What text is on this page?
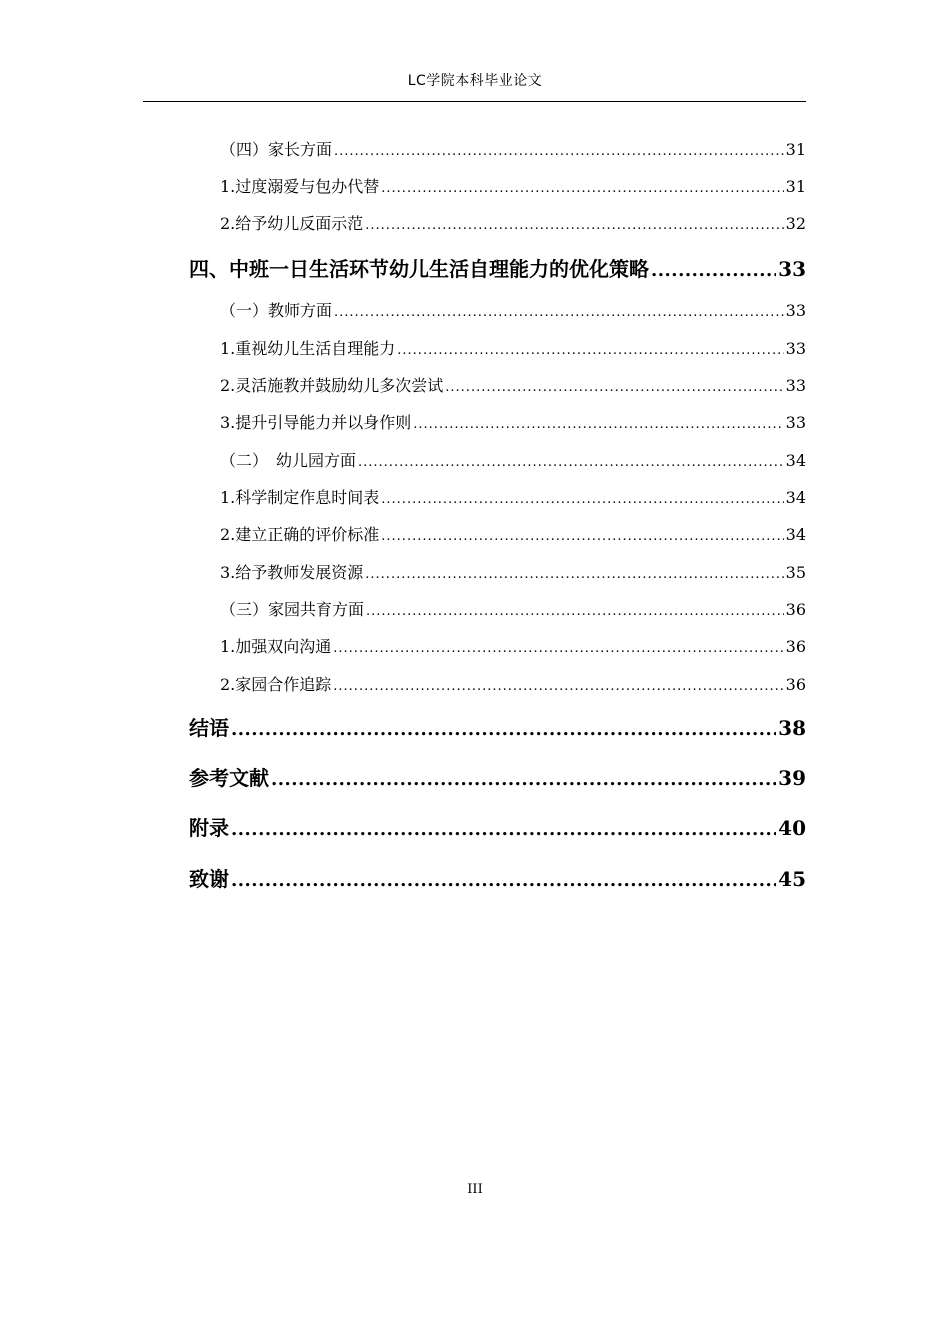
LC学院本科毕业论文
（四）家长方面 .....	31
1.过度溺爱与包办代替 .....	31
2.给予幼儿反面示范 .....	32
四、中班一日生活环节幼儿生活自理能力的优化策略 .....	33
（一）教师方面 .....	33
1.重视幼儿生活自理能力 .....	33
2.灵活施教并鼓励幼儿多次尝试 .....	33
3.提升引导能力并以身作则 .....	33
（二）　幼儿园方面 .....	34
1.科学制定作息时间表 .....	34
2.建立正确的评价标准 .....	34
3.给予教师发展资源 .....	35
（三）家园共育方面 .....	36
1.加强双向沟通 .....	36
2.家园合作追踪 .....	36
结语 .....	38
参考文献 .....	39
附录 .....	40
致谢 .....	45
III
